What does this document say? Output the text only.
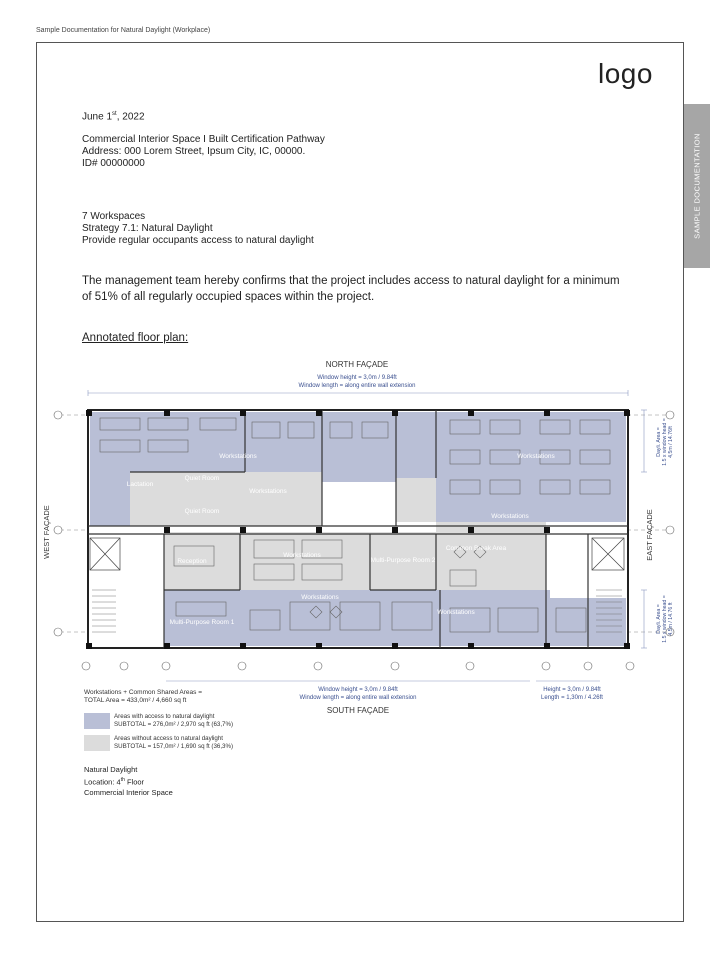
Sample Documentation for Natural Daylight (Workplace)
logo
SAMPLE DOCUMENTATION
June 1st, 2022
Commercial Interior Space I Built Certification Pathway
Address: 000 Lorem Street, Ipsum City, IC, 00000.
ID# 00000000
7 Workspaces
Strategy 7.1: Natural Daylight
Provide regular occupants access to natural daylight
The management team hereby confirms that the project includes access to natural daylight for a minimum of 51% of all regularly occupied spaces within the project.
Annotated floor plan:
NORTH FAÇADE
Window height = 3,0m / 9.84ft
Window length = along entire wall extension
WEST FAÇADE	EAST FAÇADE
Workstations
Workstations
Workstations
Workstations
Workstations
Workstations
Workstations
Lactation
Quiet Room
Quiet Room
Reception
Multi-Purpose Room 1
Multi-Purpose Room 2
Common Break Area
Dayli. Area = 1.5 x window head = 4,5m / 14.76ft
Dayli. Area = 1.5 x window head = 4,5m / 14.76 ft
Window height = 3,0m / 9.84ft
Window length = along entire wall extension
Height = 3,0m / 9.84ft
Length = 1,30m / 4.26ft
SOUTH FAÇADE
Workstations + Common Shared Areas =
TOTAL Area = 433,0m² / 4,660 sq ft
Areas with access to natural daylight
SUBTOTAL = 276,0m² / 2,970 sq ft (63,7%)
Areas without access to natural daylight
SUBTOTAL = 157,0m² / 1,690 sq ft (36,3%)
Natural Daylight
Location: 4th Floor
Commercial Interior Space
